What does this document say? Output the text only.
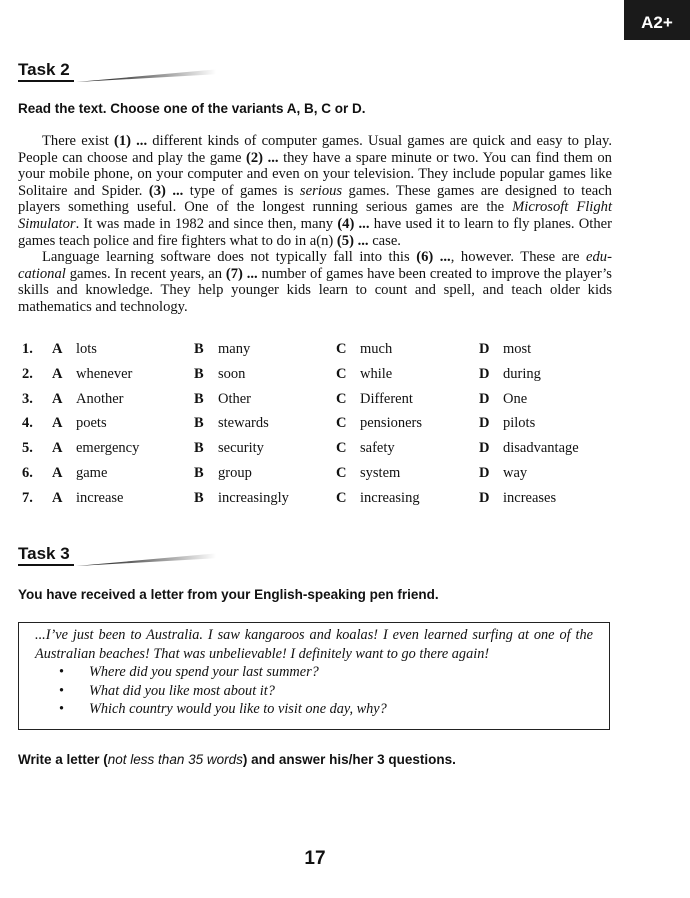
A2+
Task 2
Read the text. Choose one of the variants A, B, C or D.

There exist (1) ... different kinds of computer games. Usual games are quick and easy to play. People can choose and play the game (2) ... they have a spare minute or two. You can find them on your mobile phone, on your computer and even on your television. They include popular games like Solitaire and Spider. (3) ... type of games is serious games. These games are designed to teach players something useful. One of the longest running serious games are the Microsoft Flight Simulator. It was made in 1982 and since then, many (4) ... have used it to learn to fly planes. Other games teach police and fire fighters what to do in a(n) (5) ... case.

Language learning software does not typically fall into this (6) ..., however. These are educational games. In recent years, an (7) ... number of games have been created to improve the player’s skills and knowledge. They help younger kids learn to count and spell, and teach older kids mathematics and technology.

1. A lots	B many	C much	D most
2. A whenever	B soon	C while	D during
3. A Another	B Other	C Different	D One
4. A poets	B stewards	C pensioners	D pilots
5. A emergency	B security	C safety	D disadvantage
6. A game	B group	C system	D way
7. A increase	B increasingly	C increasing	D increases
Task 3
You have received a letter from your English-speaking pen friend.

...I’ve just been to Australia. I saw kangaroos and koalas! I even learned surfing at one of the Australian beaches! That was unbelievable! I definitely want to go there again!

• Where did you spend your last summer?
• What did you like most about it?
• Which country would you like to visit one day, why?
Write a letter (not less than 35 words) and answer his/her 3 questions.
17
